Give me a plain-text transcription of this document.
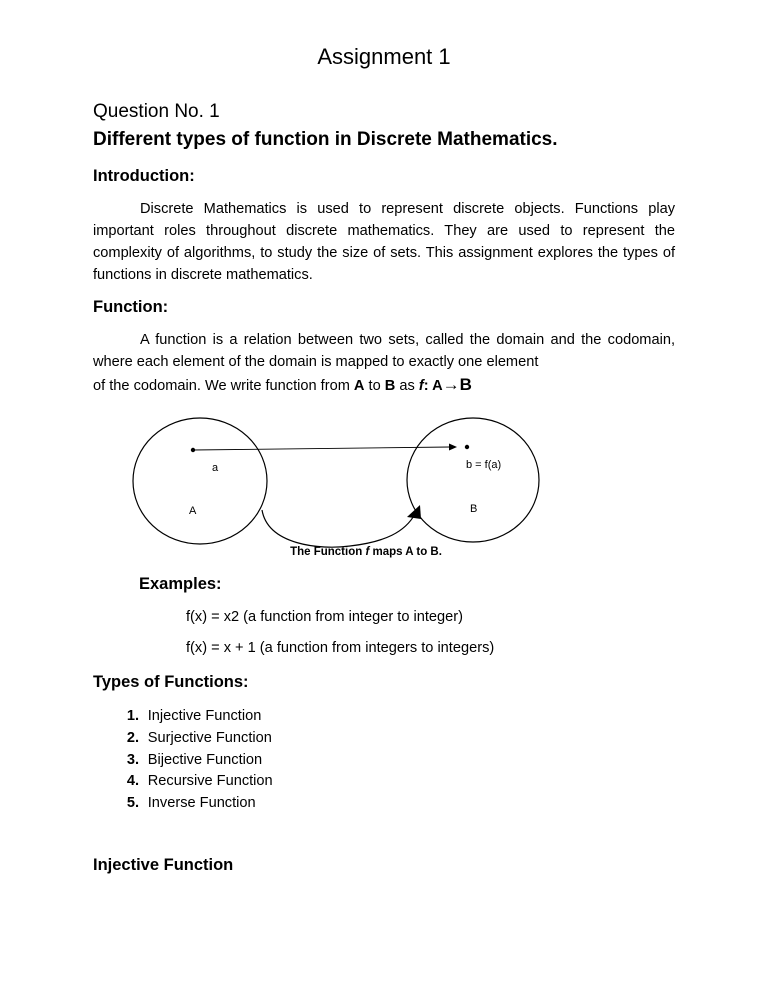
Assignment 1
Question No. 1
Different types of function in Discrete Mathematics.
Introduction:
Discrete Mathematics is used to represent discrete objects. Functions play important roles throughout discrete mathematics. They are used to represent the complexity of algorithms, to study the size of sets. This assignment explores the types of functions in discrete mathematics.
Function:
A function is a relation between two sets, called the domain and the codomain, where each element of the domain is mapped to exactly one element
of the codomain. We write function from A to B as f: A→B
a	b = f(a)
A	B
The Function f maps A to B.
Examples:
f(x) = x2 (a function from integer to integer)
f(x) = x + 1 (a function from integers to integers)
Types of Functions:
1. Injective Function
2. Surjective Function
3. Bijective Function
4. Recursive Function
5. Inverse Function
Injective Function
